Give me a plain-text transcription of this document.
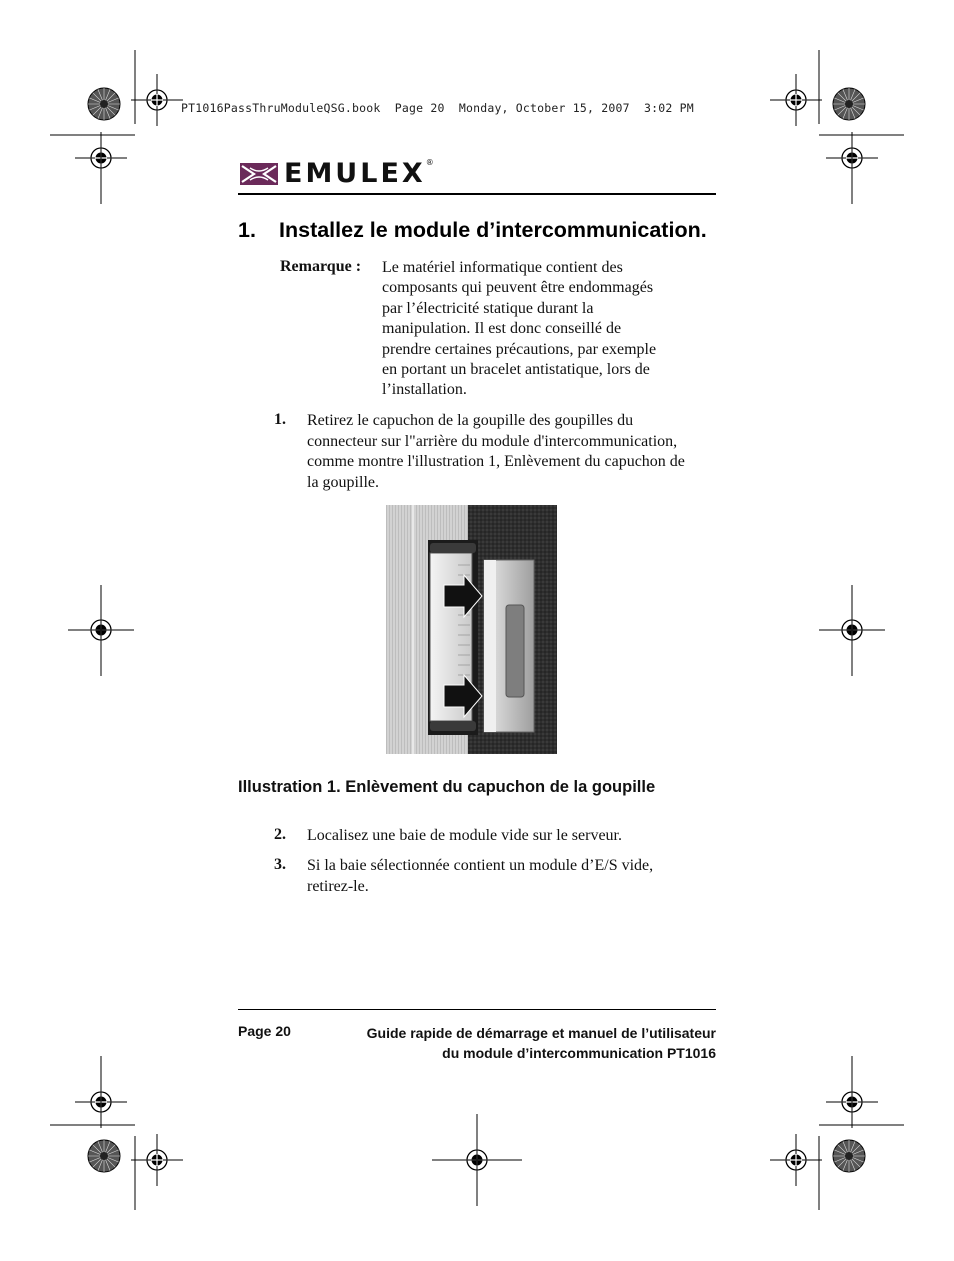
PT1016PassThruModuleQSG.book  Page 20  Monday, October 15, 2007  3:02 PM
EMULEX®
1. Installez le module d’intercommunication.
Remarque : Le matériel informatique contient des
composants qui peuvent être endommagés
par l’électricité statique durant la
manipulation. Il est donc conseillé de
prendre certaines précautions, par exemple
en portant un bracelet antistatique, lors de
l’installation.
1. Retirez le capuchon de la goupille des goupilles du
connecteur sur l"arrière du module d'intercommunication,
comme montre l'illustration 1, Enlèvement du capuchon de
la goupille.
Illustration 1. Enlèvement du capuchon de la goupille
2. Localisez une baie de module vide sur le serveur.
3. Si la baie sélectionnée contient un module d’E/S vide,
retirez-le.
Page 20	Guide rapide de démarrage et manuel de l’utilisateur
du module d’intercommunication PT1016
